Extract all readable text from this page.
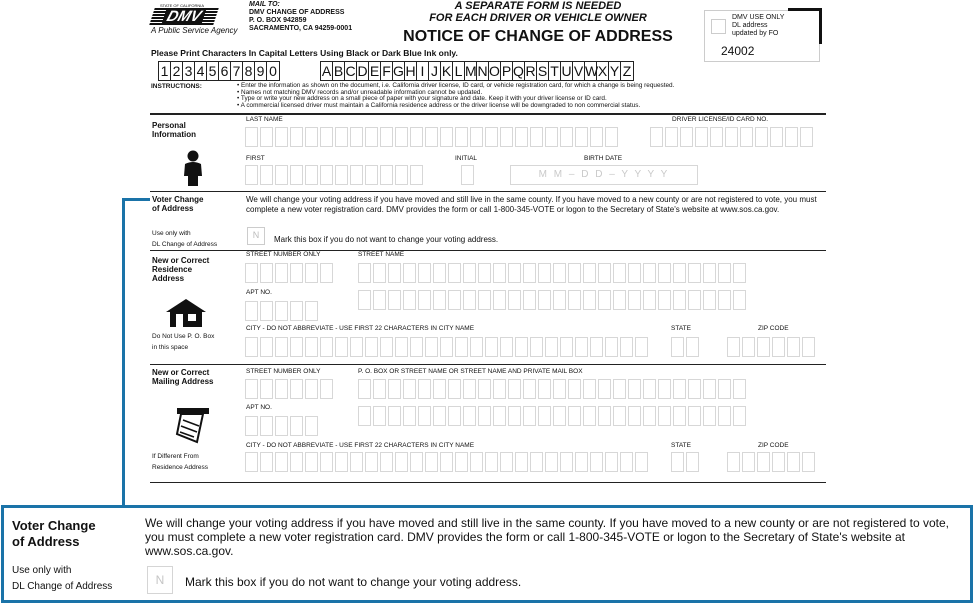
STATE OF CALIFORNIA
DMV
A Public Service Agency
MAIL TO:
DMV CHANGE OF ADDRESS
P. O. BOX 942859
SACRAMENTO, CA 94259-0001
A SEPARATE FORM IS NEEDED
FOR EACH DRIVER OR VEHICLE OWNER
NOTICE OF CHANGE OF ADDRESS
DMV USE ONLY
DL address
updated by FO
24002
Please Print Characters In Capital Letters Using Black or Dark Blue Ink only.
1 2 3 4 5 6 7 8 9 0	A B C D E F G H I J K L M N O P Q R S T U V W X Y Z
INSTRUCTIONS:	• Enter the information as shown on the document, i.e. California driver license, ID card, or vehicle registration card, for which a change is being requested.
• Names not matching DMV records and/or unreadable information cannot be updated.
• Type or write your new address on a small piece of paper with your signature and date. Keep it with your driver license or ID card.
• A commercial licensed driver must maintain a California residence address or the driver license will be downgraded to non commercial status.
Personal
Information
LAST NAME	DRIVER LICENSE/ID CARD NO.
FIRST	INITIAL	BIRTH DATE
M M – D D – Y Y Y Y
Voter Change
of Address
Use only with
DL Change of Address
We will change your voting address if you have moved and still live in the same county. If you have moved to a new county or are not registered to vote, you must complete a new voter registration card. DMV provides the form or call 1-800-345-VOTE or logon to the Secretary of State's website at www.sos.ca.gov.
N	Mark this box if you do not want to change your voting address.
New or Correct
Residence
Address
Do Not Use P. O. Box
in this space
STREET NUMBER ONLY	STREET NAME
APT NO.
CITY - DO NOT ABBREVIATE - USE FIRST 22 CHARACTERS IN CITY NAME	STATE	ZIP CODE
New or Correct
Mailing Address
If Different From
Residence Address
STREET NUMBER ONLY	P. O. BOX OR STREET NAME OR STREET NAME AND PRIVATE MAIL BOX
APT NO.
CITY - DO NOT ABBREVIATE - USE FIRST 22 CHARACTERS IN CITY NAME	STATE	ZIP CODE
Voter Change
of Address
Use only with
DL Change of Address
We will change your voting address if you have moved and still live in the same county. If you have moved to a new county or are not registered to vote, you must complete a new voter registration card. DMV provides the form or call 1-800-345-VOTE or logon to the Secretary of State's website at www.sos.ca.gov.
N	Mark this box if you do not want to change your voting address.
